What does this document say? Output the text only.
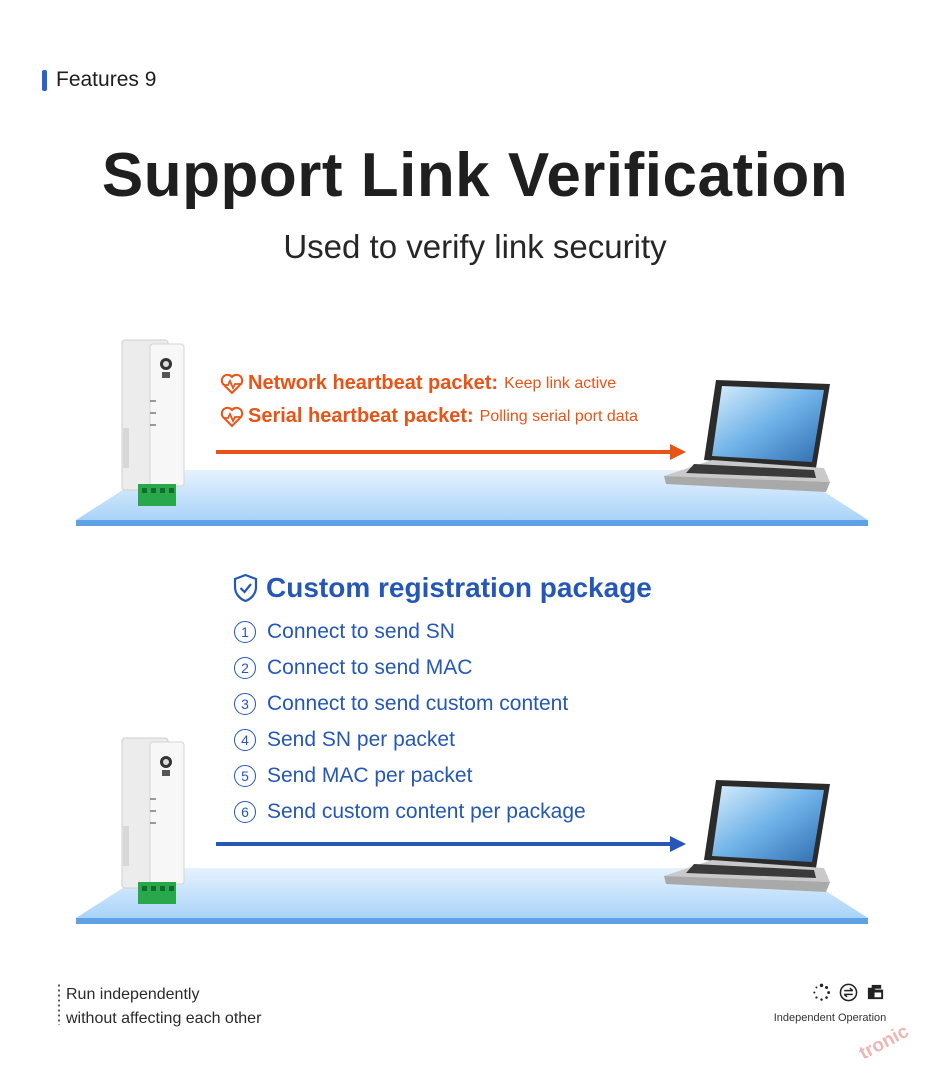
Features 9
Support Link Verification
Used to verify link security
Network heartbeat packet: Keep link active
Serial heartbeat packet: Polling serial port data
Custom registration package
1 Connect to send SN
2 Connect to send MAC
3 Connect to send custom content
4 Send SN per packet
5 Send MAC per packet
6 Send custom content per package
Run independently
without affecting each other	Independent Operation
tronic
